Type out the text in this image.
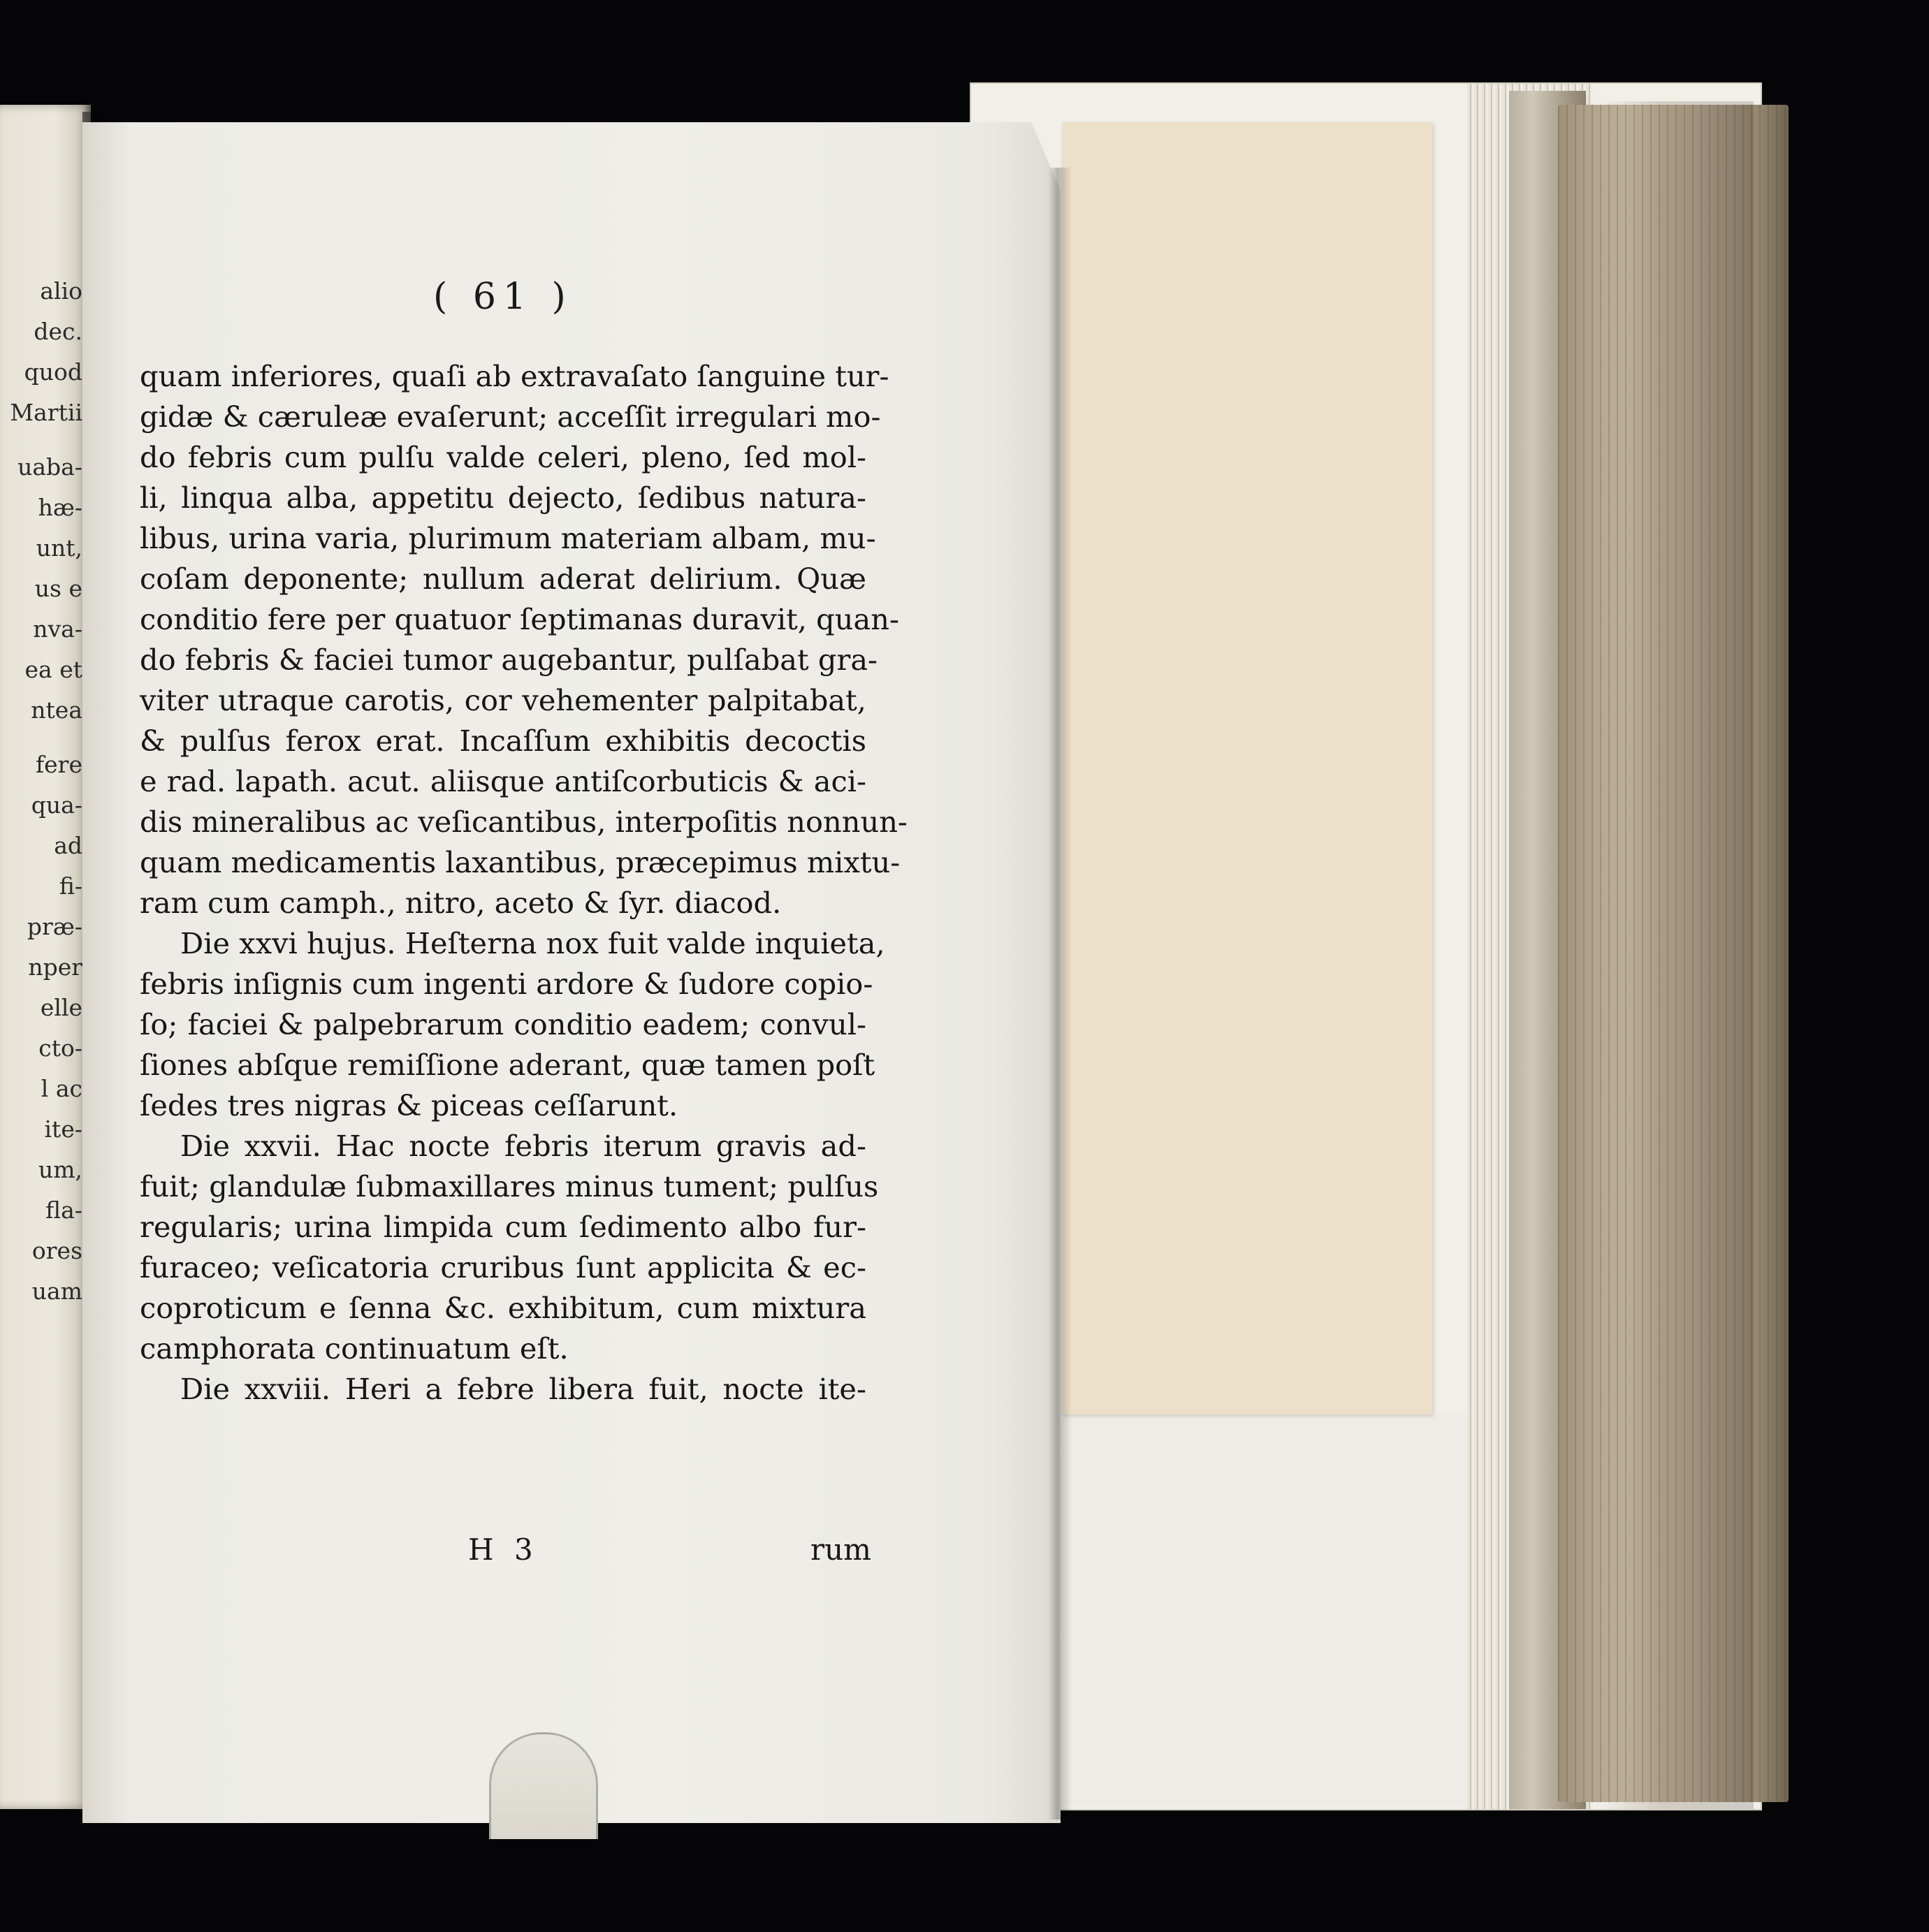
alio
dec.
quod
Martii
uaba-
hæ-
unt,
us e
nva-
ea et
ntea
fere
qua-
ad
fi-
præ-
nper
elle
cto-
l ac
ite-
um,
fla-
ores
uam
( 61 )
quam inferiores, quaſi ab extravaſato ſanguine tur-
gidæ & cæruleæ evaſerunt; acceſſit irregulari mo-
do febris cum pulſu valde celeri, pleno, ſed mol-
li, linqua alba, appetitu dejecto, ſedibus natura-
libus, urina varia, plurimum materiam albam, mu-
coſam deponente; nullum aderat delirium. Quæ
conditio fere per quatuor ſeptimanas duravit, quan-
do febris & faciei tumor augebantur, pulſabat gra-
viter utraque carotis, cor vehementer palpitabat,
& pulſus ferox erat. Incaſſum exhibitis decoctis
e rad. lapath. acut. aliisque antiſcorbuticis & aci-
dis mineralibus ac veſicantibus, interpoſitis nonnun-
quam medicamentis laxantibus, præcepimus mixtu-
ram cum camph., nitro, aceto & ſyr. diacod.
Die xxvi hujus. Heſterna nox fuit valde inquieta,
febris inſignis cum ingenti ardore & ſudore copio-
ſo; faciei & palpebrarum conditio eadem; convul-
ſiones abſque remiſſione aderant, quæ tamen poſt
ſedes tres nigras & piceas ceſſarunt.
Die xxvii. Hac nocte febris iterum gravis ad-
fuit; glandulæ ſubmaxillares minus tument; pulſus
regularis; urina limpida cum ſedimento albo fur-
furaceo; veſicatoria cruribus ſunt applicita & ec-
coproticum e ſenna &c. exhibitum, cum mixtura
camphorata continuatum eſt.
Die xxviii. Heri a febre libera fuit, nocte ite-
H 3	rum
